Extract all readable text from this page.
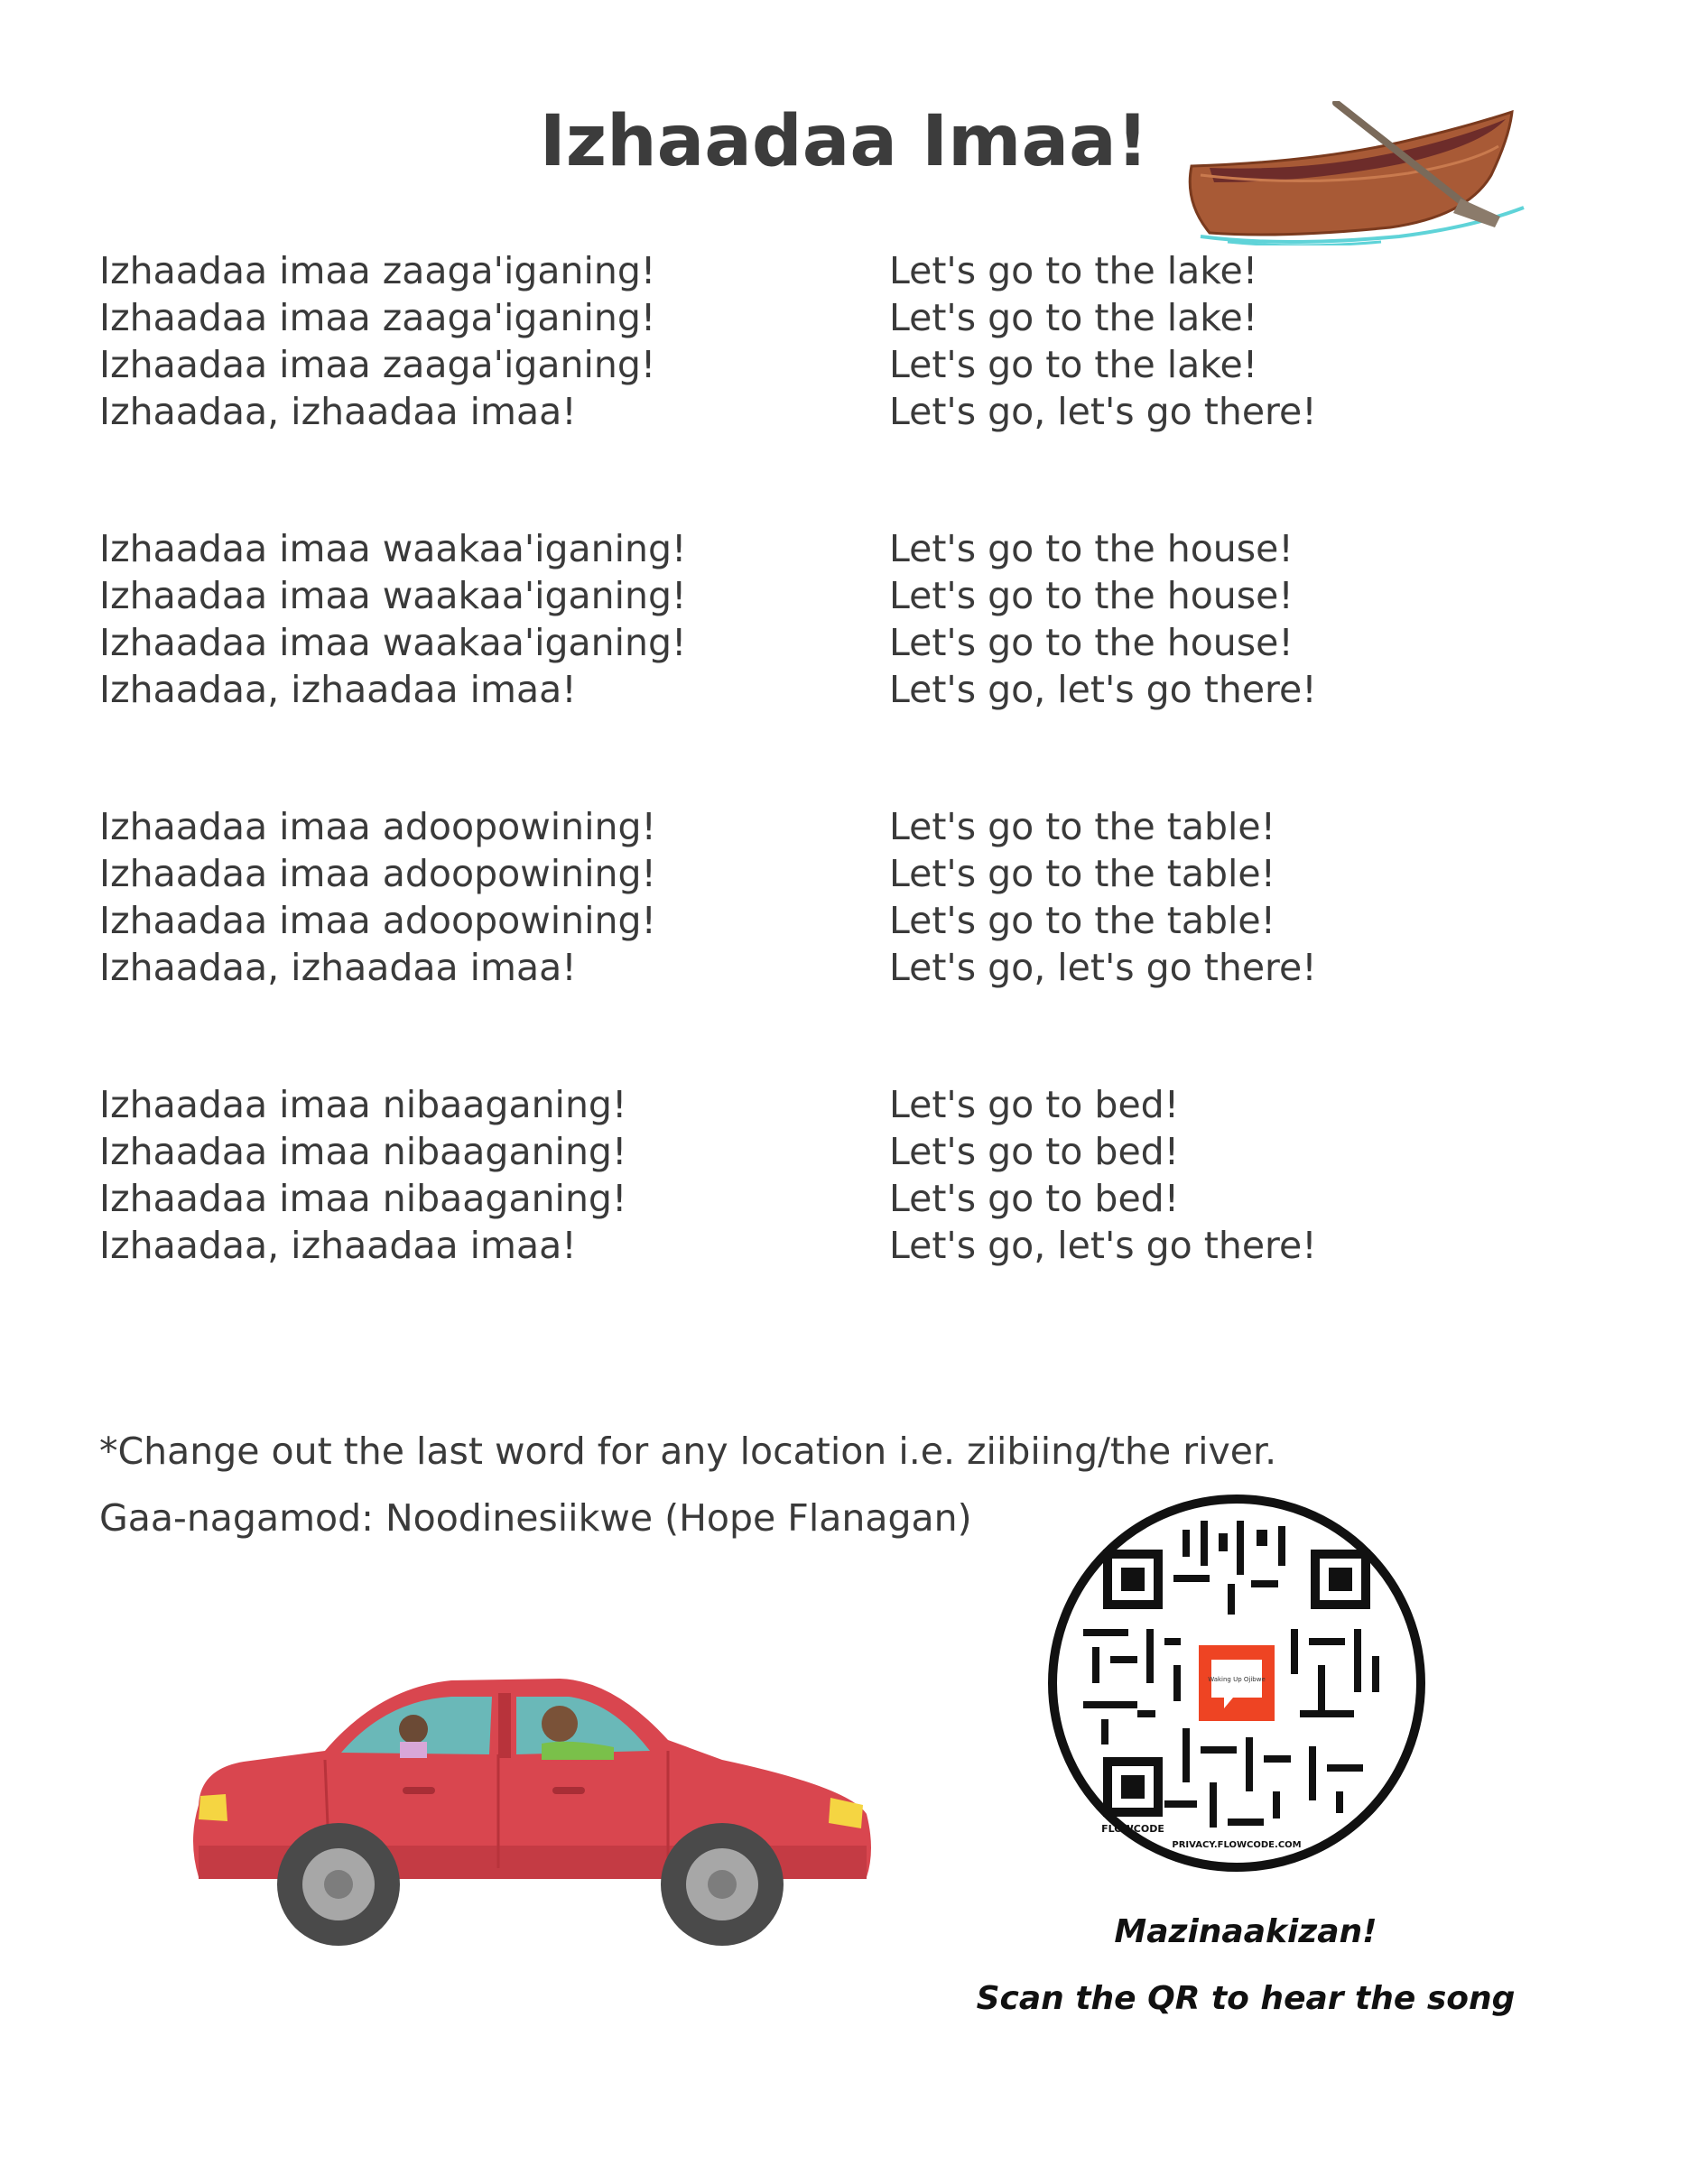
Izhaadaa Imaa!
Izhaadaa imaa zaaga'iganing!
Izhaadaa imaa zaaga'iganing!
Izhaadaa imaa zaaga'iganing!
Izhaadaa, izhaadaa imaa!
Izhaadaa imaa waakaa'iganing!
Izhaadaa imaa waakaa'iganing!
Izhaadaa imaa waakaa'iganing!
Izhaadaa, izhaadaa imaa!
Izhaadaa imaa adoopowining!
Izhaadaa imaa adoopowining!
Izhaadaa imaa adoopowining!
Izhaadaa, izhaadaa imaa!
Izhaadaa imaa nibaaganing!
Izhaadaa imaa nibaaganing!
Izhaadaa imaa nibaaganing!
Izhaadaa, izhaadaa imaa!
Let's go to the lake!
Let's go to the lake!
Let's go to the lake!
Let's go, let's go there!
Let's go to the house!
Let's go to the house!
Let's go to the house!
Let's go, let's go there!
Let's go to the table!
Let's go to the table!
Let's go to the table!
Let's go, let's go there!
Let's go to bed!
Let's go to bed!
Let's go to bed!
Let's go, let's go there!
*Change out the last word for any location i.e. ziibiing/the river.
Gaa-nagamod: Noodinesiikwe (Hope Flanagan)
Waking Up Ojibwe
FLOWCODE
PRIVACY.FLOWCODE.COM
Mazinaakizan!
Scan the QR to hear the song
